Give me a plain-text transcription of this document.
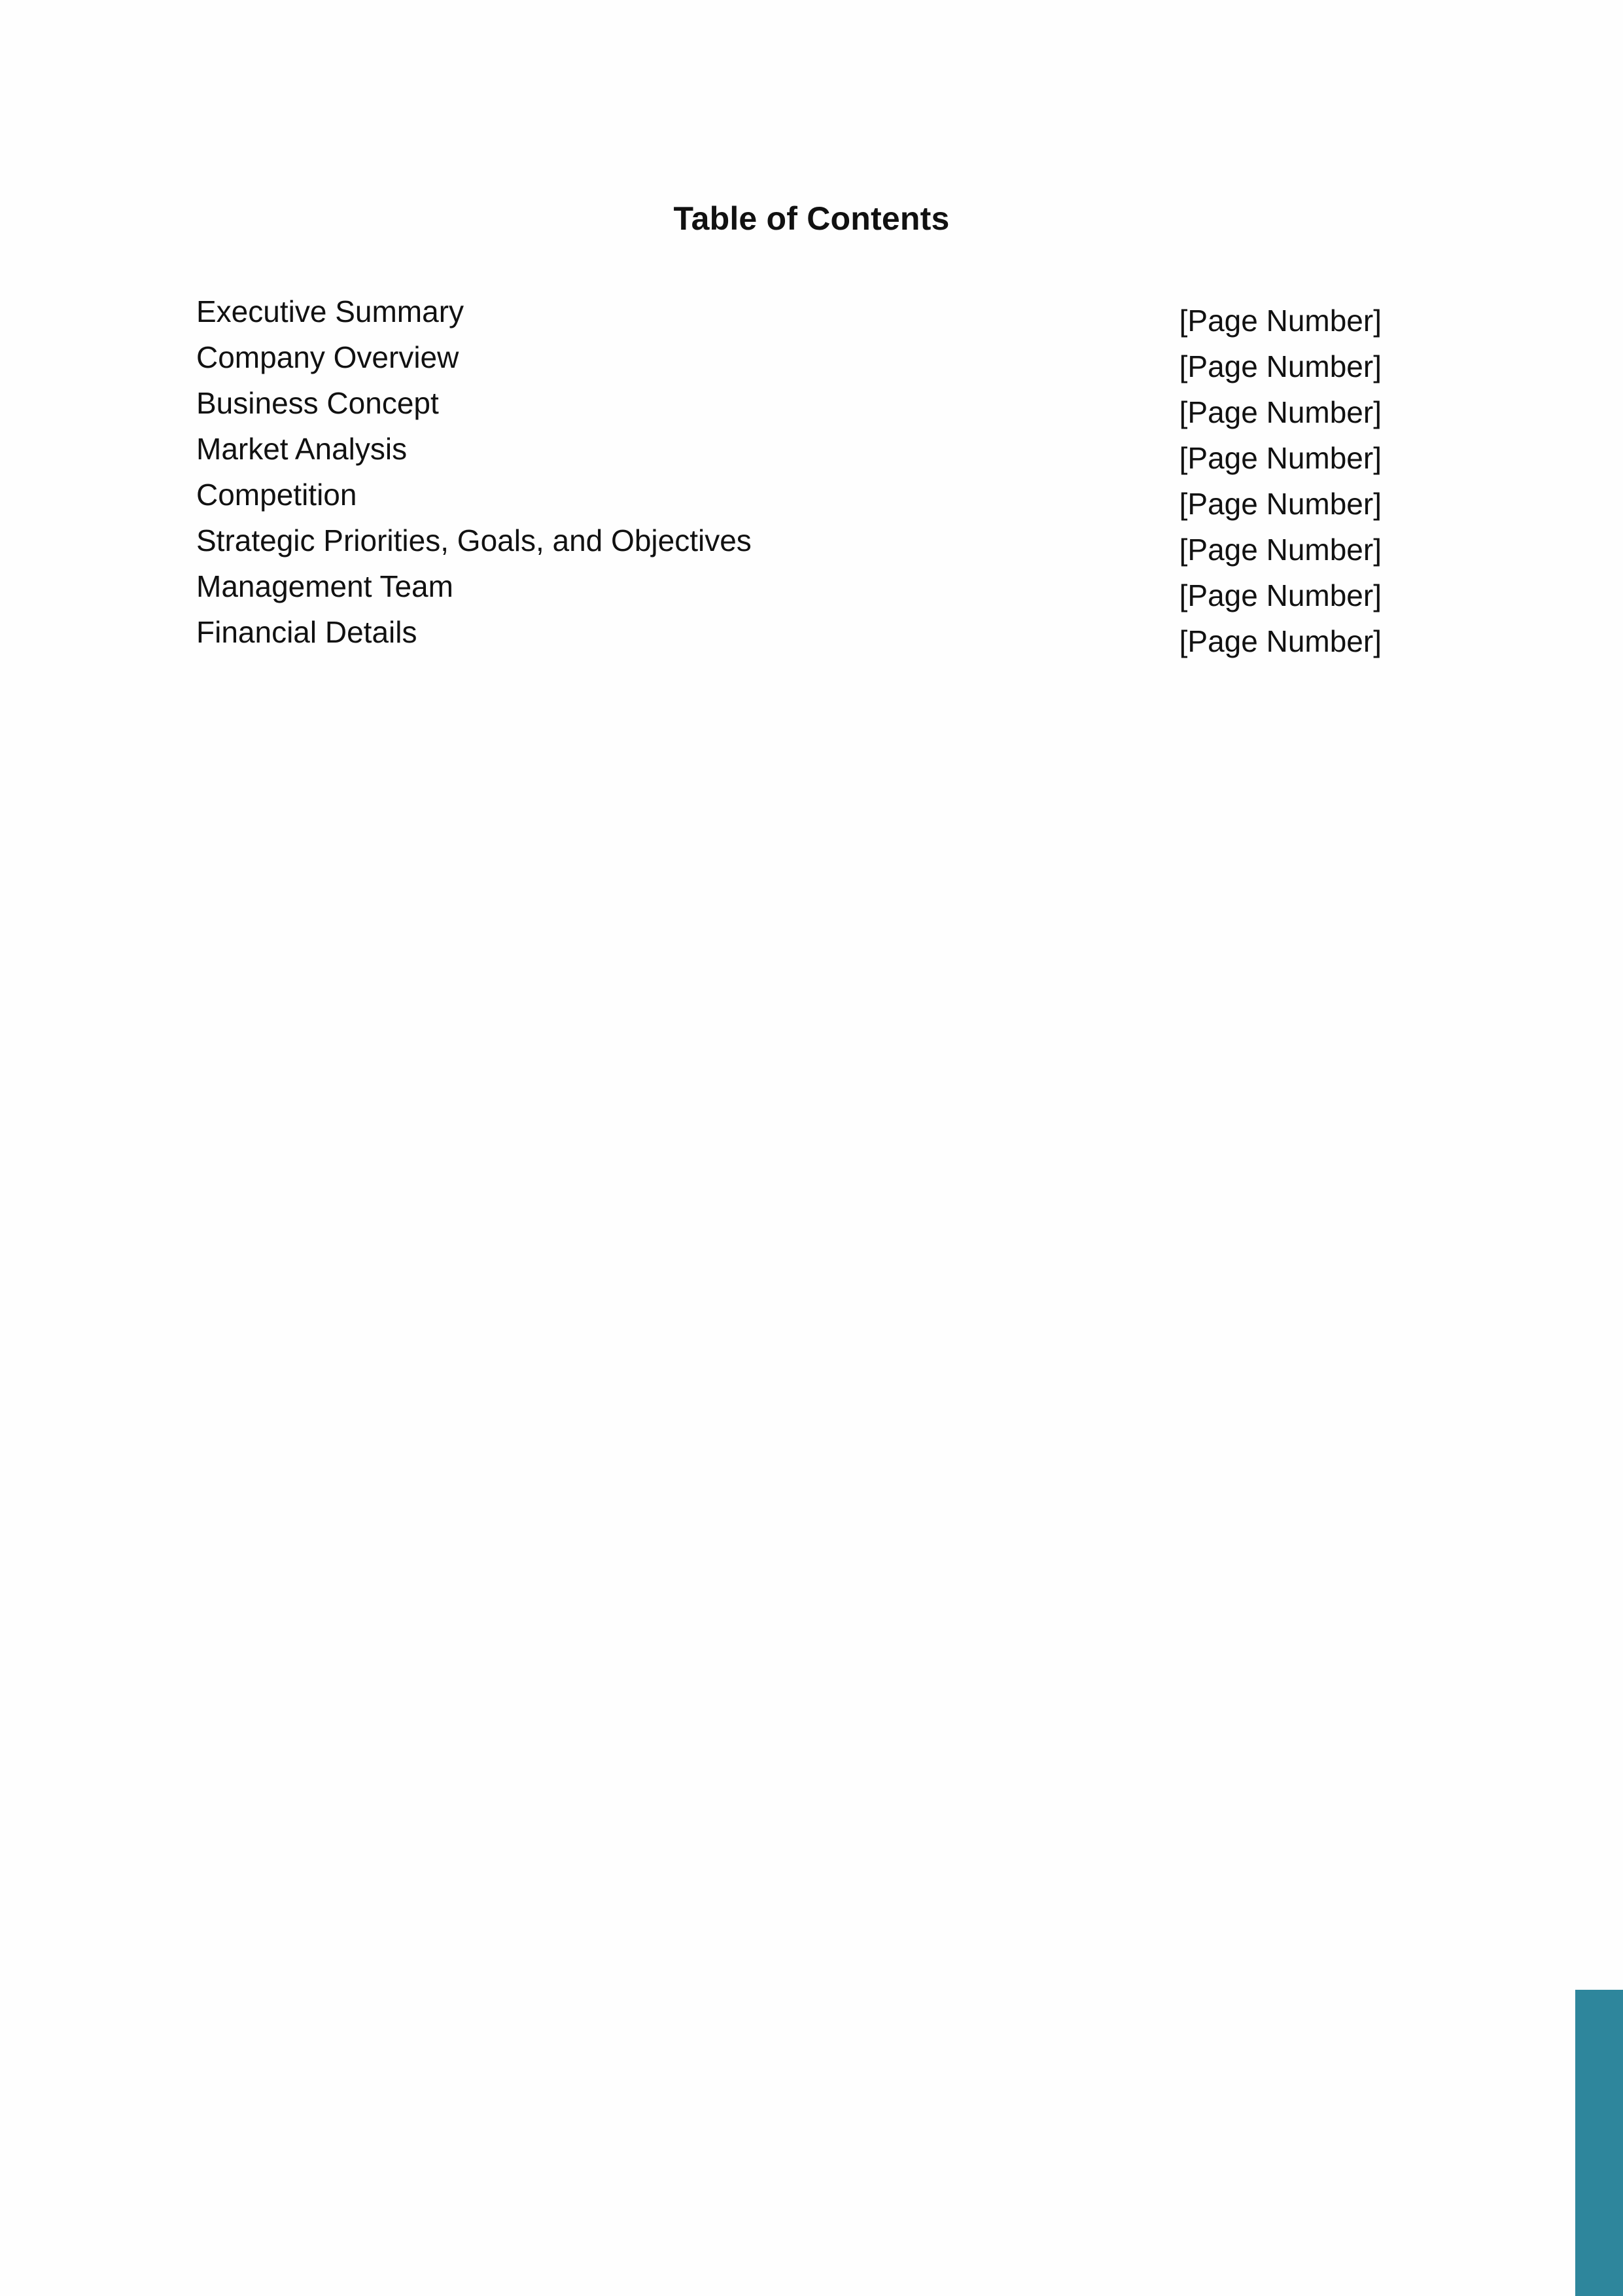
Table of Contents
Executive Summary	[Page Number]
Company Overview	[Page Number]
Business Concept	[Page Number]
Market Analysis	[Page Number]
Competition	[Page Number]
Strategic Priorities, Goals, and Objectives	[Page Number]
Management Team	[Page Number]
Financial Details	[Page Number]
